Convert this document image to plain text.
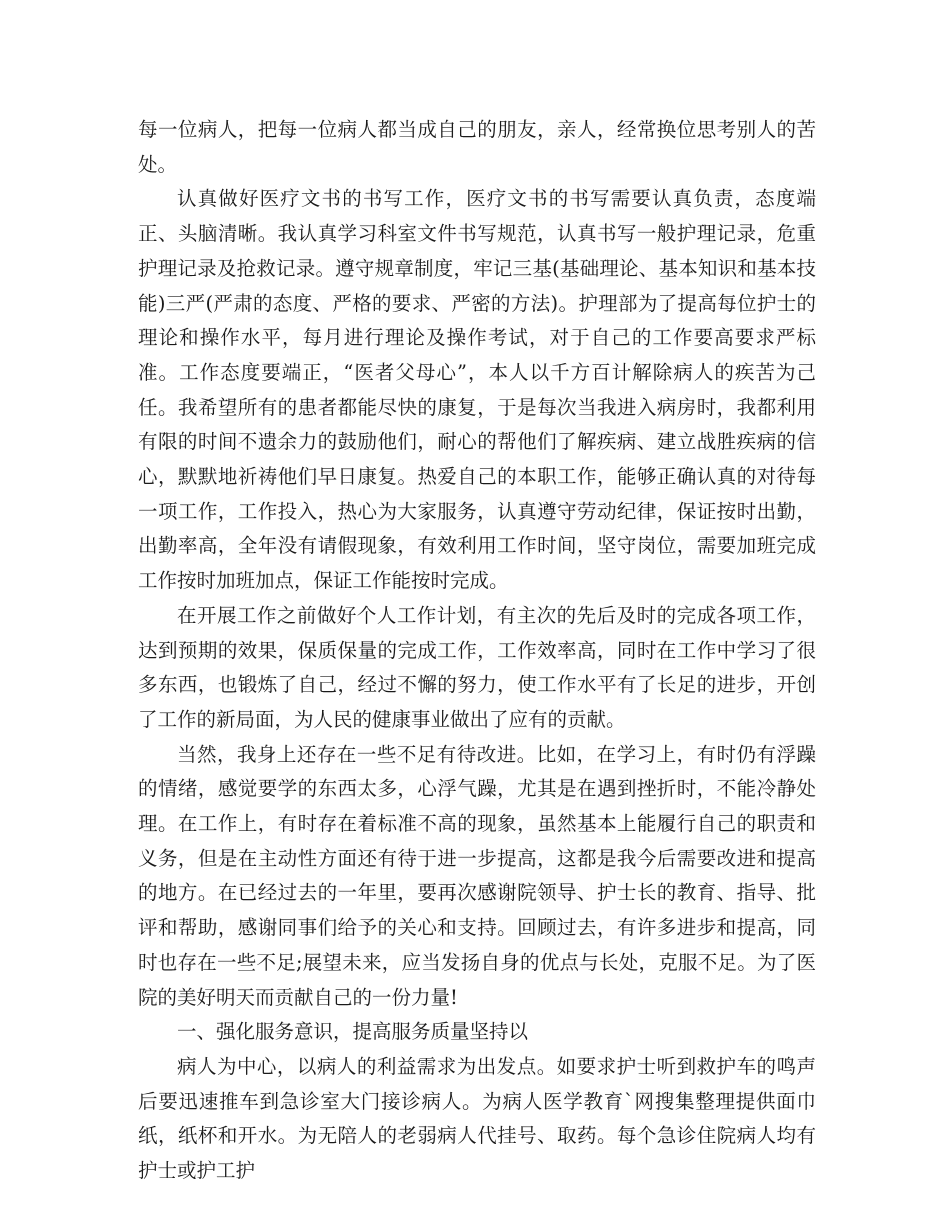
每一位病人，把每一位病人都当成自己的朋友，亲人，经常换位思考别人的苦处。

认真做好医疗文书的书写工作，医疗文书的书写需要认真负责，态度端正、头脑清晰。我认真学习科室文件书写规范，认真书写一般护理记录，危重护理记录及抢救记录。遵守规章制度，牢记三基(基础理论、基本知识和基本技能)三严(严肃的态度、严格的要求、严密的方法)。护理部为了提高每位护士的理论和操作水平，每月进行理论及操作考试，对于自己的工作要高要求严标准。工作态度要端正，“医者父母心”，本人以千方百计解除病人的疾苦为己任。我希望所有的患者都能尽快的康复，于是每次当我进入病房时，我都利用有限的时间不遗余力的鼓励他们，耐心的帮他们了解疾病、建立战胜疾病的信心，默默地祈祷他们早日康复。热爱自己的本职工作，能够正确认真的对待每一项工作，工作投入，热心为大家服务，认真遵守劳动纪律，保证按时出勤，出勤率高，全年没有请假现象，有效利用工作时间，坚守岗位，需要加班完成工作按时加班加点，保证工作能按时完成。

在开展工作之前做好个人工作计划，有主次的先后及时的完成各项工作，达到预期的效果，保质保量的完成工作，工作效率高，同时在工作中学习了很多东西，也锻炼了自己，经过不懈的努力，使工作水平有了长足的进步，开创了工作的新局面，为人民的健康事业做出了应有的贡献。

当然，我身上还存在一些不足有待改进。比如，在学习上，有时仍有浮躁的情绪，感觉要学的东西太多，心浮气躁，尤其是在遇到挫折时，不能冷静处理。在工作上，有时存在着标准不高的现象，虽然基本上能履行自己的职责和义务，但是在主动性方面还有待于进一步提高，这都是我今后需要改进和提高的地方。在已经过去的一年里，要再次感谢院领导、护士长的教育、指导、批评和帮助，感谢同事们给予的关心和支持。回顾过去，有许多进步和提高，同时也存在一些不足;展望未来，应当发扬自身的优点与长处，克服不足。为了医院的美好明天而贡献自己的一份力量!

一、强化服务意识，提高服务质量坚持以

病人为中心，以病人的利益需求为出发点。如要求护士听到救护车的鸣声后要迅速推车到急诊室大门接诊病人。为病人医学教育`网搜集整理提供面巾纸，纸杯和开水。为无陪人的老弱病人代挂号、取药。每个急诊住院病人均有护士或护工护
